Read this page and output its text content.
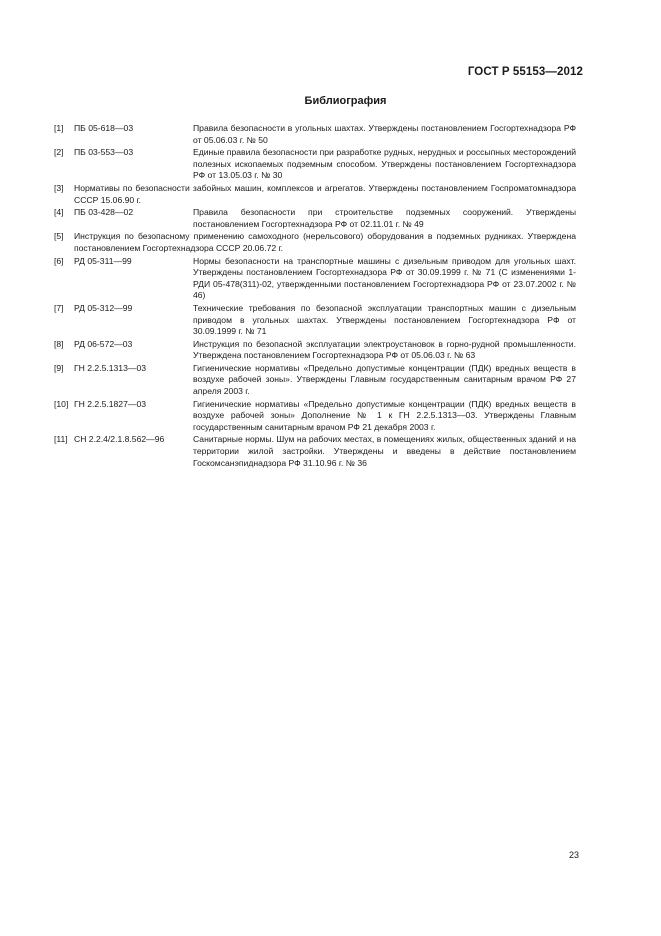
ГОСТ Р 55153—2012
Библиография
[1]	ПБ 05-618—03	Правила безопасности в угольных шахтах. Утверждены постановлением Госгортехнадзора РФ от 05.06.03 г. № 50
[2]	ПБ 03-553—03	Единые правила безопасности при разработке рудных, нерудных и россыпных месторождений полезных ископаемых подземным способом. Утверждены постановлением Госгортехнадзора РФ от 13.05.03 г. № 30
[3]	Нормативы по безопасности забойных машин, комплексов и агрегатов. Утверждены постановлением Госпроматомнадзора СССР 15.06.90 г.
[4]	ПБ 03-428—02	Правила безопасности при строительстве подземных сооружений. Утверждены постановлением Госгортехнадзора РФ от 02.11.01 г. № 49
[5]	Инструкция по безопасному применению самоходного (нерельсового) оборудования в подземных рудниках. Утверждена постановлением Госгортехнадзора СССР 20.06.72 г.
[6]	РД 05-311—99	Нормы безопасности на транспортные машины с дизельным приводом для угольных шахт. Утверждены постановлением Госгортехнадзора РФ от 30.09.1999 г. № 71 (С изменениями 1-РДИ 05-478(311)-02, утвержденными постановлением Госгортехнадзора РФ от 23.07.2002 г. № 46)
[7]	РД 05-312—99	Технические требования по безопасной эксплуатации транспортных машин с дизельным приводом в угольных шахтах. Утверждены постановлением Госгортехнадзора РФ от 30.09.1999 г. № 71
[8]	РД 06-572—03	Инструкция по безопасной эксплуатации электроустановок в горно-рудной промышленности. Утверждена постановлением Госгортехнадзора РФ от 05.06.03 г. № 63
[9]	ГН 2.2.5.1313—03	Гигиенические нормативы «Предельно допустимые концентрации (ПДК) вредных веществ в воздухе рабочей зоны». Утверждены Главным государственным санитарным врачом РФ 27 апреля 2003 г.
[10] ГН 2.2.5.1827—03	Гигиенические нормативы «Предельно допустимые концентрации (ПДК) вредных веществ в воздухе рабочей зоны» Дополнение № 1 к ГН 2.2.5.1313—03. Утверждены Главным государственным санитарным врачом РФ 21 декабря 2003 г.
[11] СН 2.2.4/2.1.8.562—96	Санитарные нормы. Шум на рабочих местах, в помещениях жилых, общественных зданий и на территории жилой застройки. Утверждены и введены в действие постановлением Госкомсанэпиднадзора РФ 31.10.96 г. № 36
23
